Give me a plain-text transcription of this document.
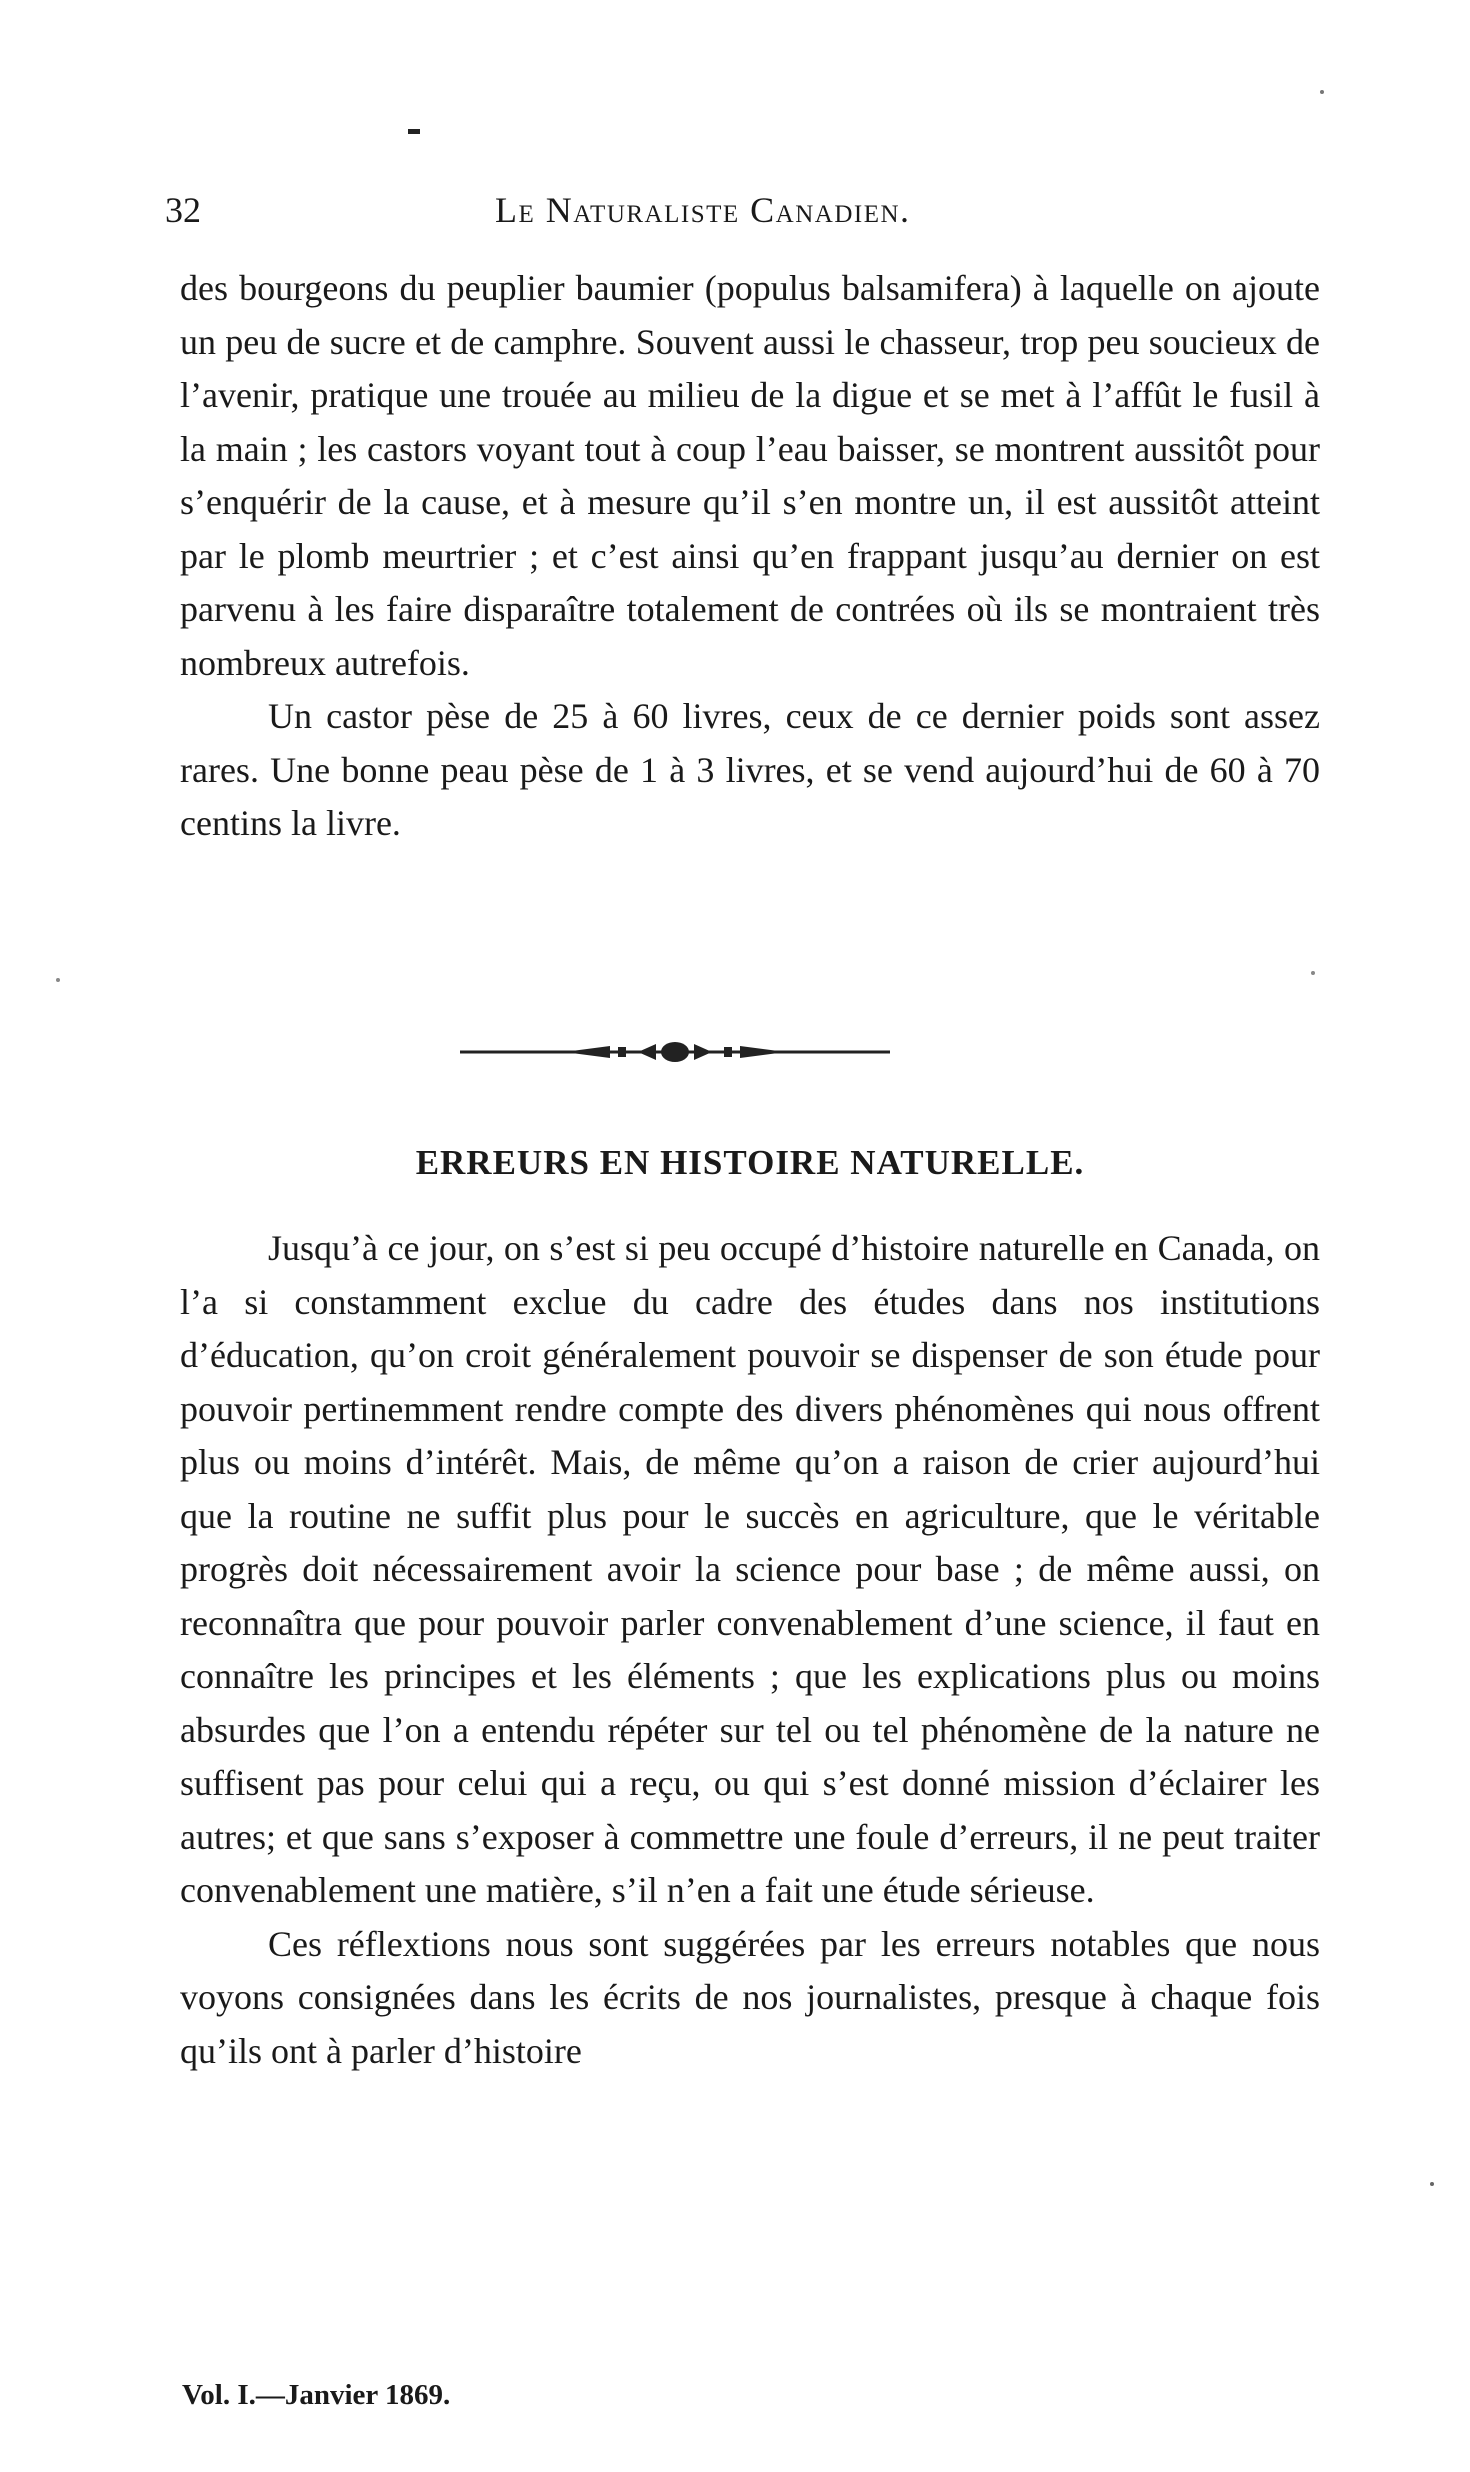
32	Le Naturaliste Canadien.

des bourgeons du peuplier baumier (populus balsamifera) à laquelle on ajoute un peu de sucre et de camphre. Souvent aussi le chasseur, trop peu soucieux de l’avenir, pratique une trouée au milieu de la digue et se met à l’affût le fusil à la main ; les castors voyant tout à coup l’eau baisser, se montrent aussitôt pour s’enquérir de la cause, et à mesure qu’il s’en montre un, il est aussitôt atteint par le plomb meurtrier ; et c’est ainsi qu’en frappant jusqu’au dernier on est parvenu à les faire disparaître totalement de contrées où ils se montraient très nombreux autrefois.

Un castor pèse de 25 à 60 livres, ceux de ce dernier poids sont assez rares. Une bonne peau pèse de 1 à 3 livres, et se vend aujourd’hui de 60 à 70 centins la livre.

ERREURS EN HISTOIRE NATURELLE.

Jusqu’à ce jour, on s’est si peu occupé d’histoire naturelle en Canada, on l’a si constamment exclue du cadre des études dans nos institutions d’éducation, qu’on croit généralement pouvoir se dispenser de son étude pour pouvoir pertinemment rendre compte des divers phénomènes qui nous offrent plus ou moins d’intérêt. Mais, de même qu’on a raison de crier aujourd’hui que la routine ne suffit plus pour le succès en agriculture, que le véritable progrès doit nécessairement avoir la science pour base ; de même aussi, on reconnaîtra que pour pouvoir parler convenablement d’une science, il faut en connaître les principes et les éléments ; que les explications plus ou moins absurdes que l’on a entendu répéter sur tel ou tel phénomène de la nature ne suffisent pas pour celui qui a reçu, ou qui s’est donné mission d’éclairer les autres; et que sans s’exposer à commettre une foule d’erreurs, il ne peut traiter convenablement une matière, s’il n’en a fait une étude sérieuse.

Ces réflextions nous sont suggérées par les erreurs notables que nous voyons consignées dans les écrits de nos journalistes, presque à chaque fois qu’ils ont à parler d’histoire

Vol. I.—Janvier 1869.
